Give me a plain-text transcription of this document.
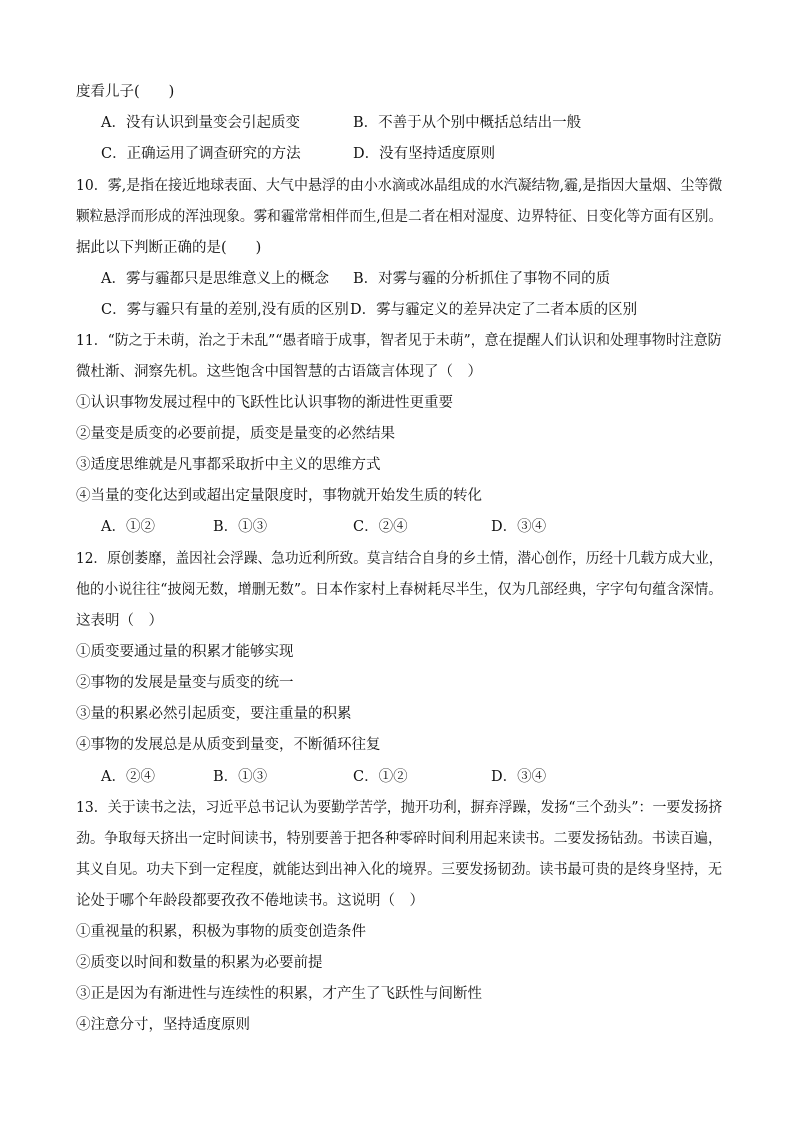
度看儿子(　　)
A．没有认识到量变会引起质变	B．不善于从个别中概括总结出一般
C．正确运用了调查研究的方法	D．没有坚持适度原则
10．雾,是指在接近地球表面、大气中悬浮的由小水滴或冰晶组成的水汽凝结物,霾,是指因大量烟、尘等微
颗粒悬浮而形成的浑浊现象。雾和霾常常相伴而生,但是二者在相对湿度、边界特征、日变化等方面有区别。
据此以下判断正确的是(　　)
A．雾与霾都只是思维意义上的概念 B．对雾与霾的分析抓住了事物不同的质
C．雾与霾只有量的差别,没有质的区别 D．雾与霾定义的差异决定了二者本质的区别
11．“防之于未萌，治之于未乱”“愚者暗于成事，智者见于未萌”，意在提醒人们认识和处理事物时注意防
微杜渐、洞察先机。这些饱含中国智慧的古语箴言体现了（　）
①认识事物发展过程中的飞跃性比认识事物的渐进性更重要
②量变是质变的必要前提，质变是量变的必然结果
③适度思维就是凡事都采取折中主义的思维方式
④当量的变化达到或超出定量限度时，事物就开始发生质的转化
A．①②	B．①③	C．②④	D．③④
12．原创萎靡，盖因社会浮躁、急功近利所致。莫言结合自身的乡土情，潜心创作，历经十几载方成大业，
他的小说往往“披阅无数，增删无数”。日本作家村上春树耗尽半生，仅为几部经典，字字句句蕴含深情。
这表明（　）
①质变要通过量的积累才能够实现
②事物的发展是量变与质变的统一
③量的积累必然引起质变，要注重量的积累
④事物的发展总是从质变到量变，不断循环往复
A．②④	B．①③	C．①②	D．③④
13．关于读书之法，习近平总书记认为要勤学苦学，抛开功利，摒弃浮躁，发扬“三个劲头”：一要发扬挤
劲。争取每天挤出一定时间读书，特别要善于把各种零碎时间利用起来读书。二要发扬钻劲。书读百遍，
其义自见。功夫下到一定程度，就能达到出神入化的境界。三要发扬韧劲。读书最可贵的是终身坚持，无
论处于哪个年龄段都要孜孜不倦地读书。这说明（　）
①重视量的积累，积极为事物的质变创造条件
②质变以时间和数量的积累为必要前提
③正是因为有渐进性与连续性的积累，才产生了飞跃性与间断性
④注意分寸，坚持适度原则
